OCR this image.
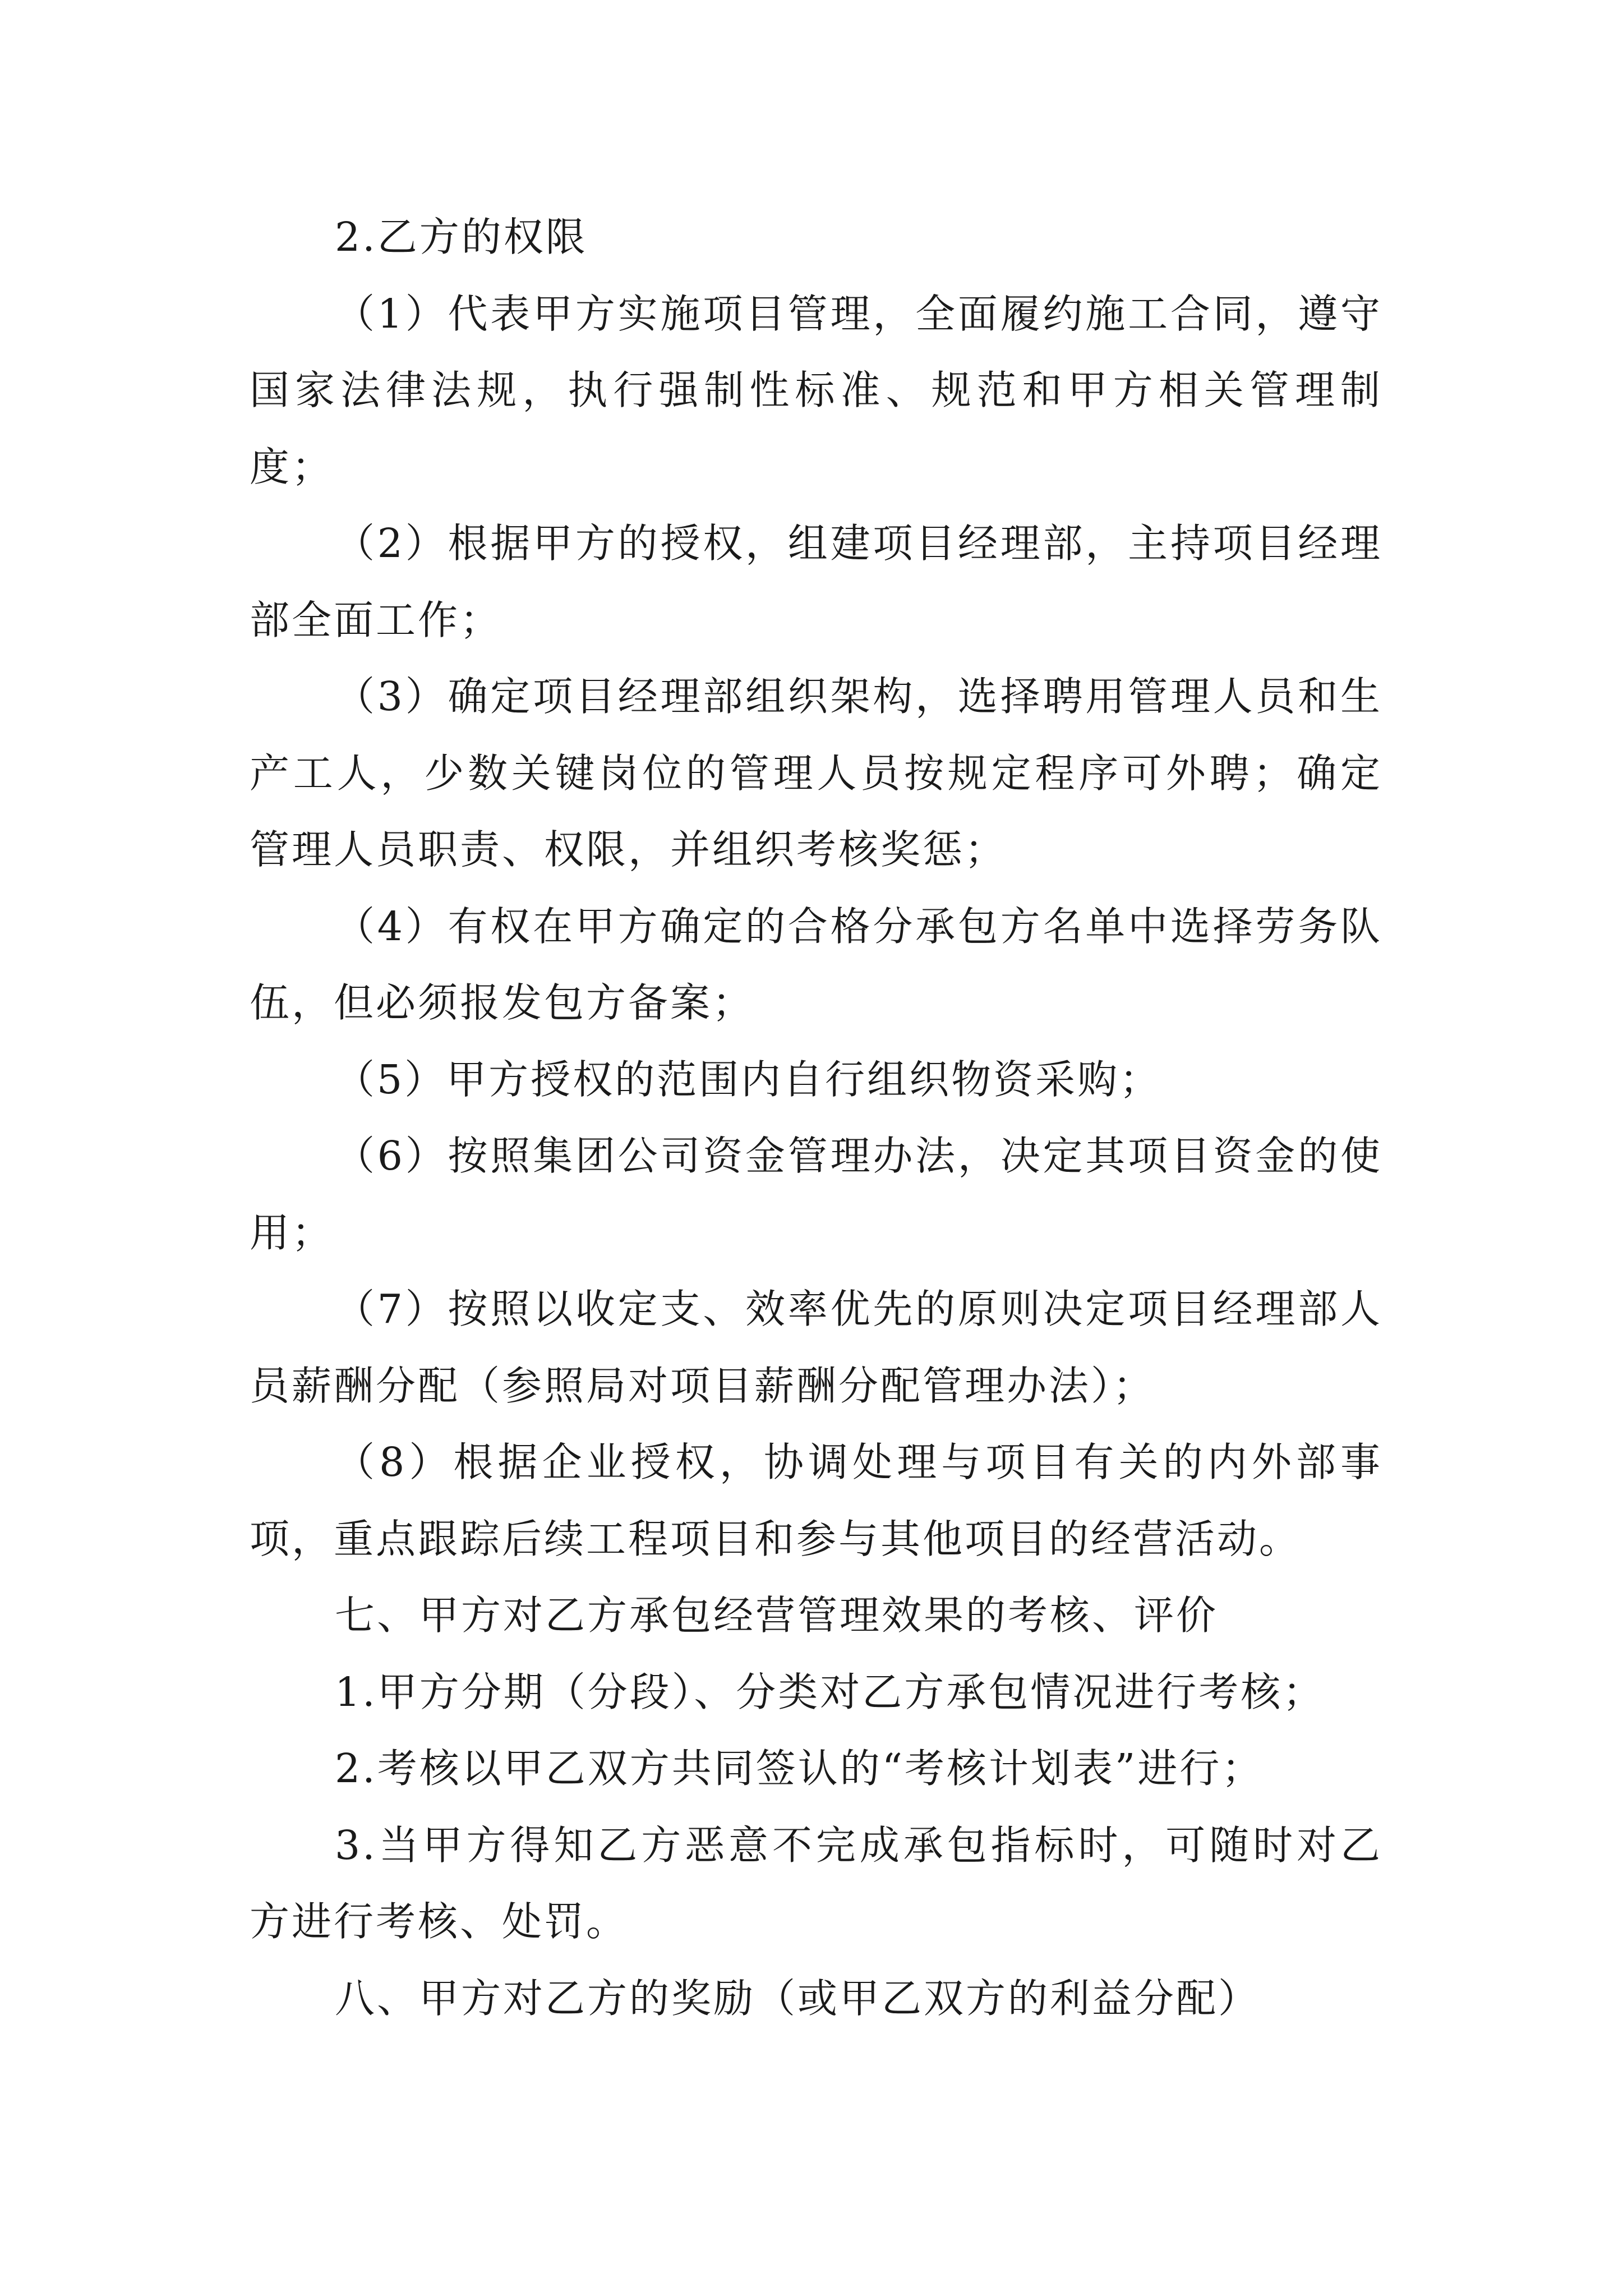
2.乙方的权限

（1）代表甲方实施项目管理，全面履约施工合同，遵守国家法律法规，执行强制性标准、规范和甲方相关管理制度；

（2）根据甲方的授权，组建项目经理部，主持项目经理部全面工作；

（3）确定项目经理部组织架构，选择聘用管理人员和生产工人，少数关键岗位的管理人员按规定程序可外聘；确定管理人员职责、权限，并组织考核奖惩；

（4）有权在甲方确定的合格分承包方名单中选择劳务队伍，但必须报发包方备案；

（5）甲方授权的范围内自行组织物资采购；

（6）按照集团公司资金管理办法，决定其项目资金的使用；

（7）按照以收定支、效率优先的原则决定项目经理部人员薪酬分配（参照局对项目薪酬分配管理办法）；

（8）根据企业授权，协调处理与项目有关的内外部事项，重点跟踪后续工程项目和参与其他项目的经营活动。

七、甲方对乙方承包经营管理效果的考核、评价

1.甲方分期（分段）、分类对乙方承包情况进行考核；

2.考核以甲乙双方共同签认的“考核计划表”进行；

3.当甲方得知乙方恶意不完成承包指标时，可随时对乙方进行考核、处罚。

八、甲方对乙方的奖励（或甲乙双方的利益分配）
